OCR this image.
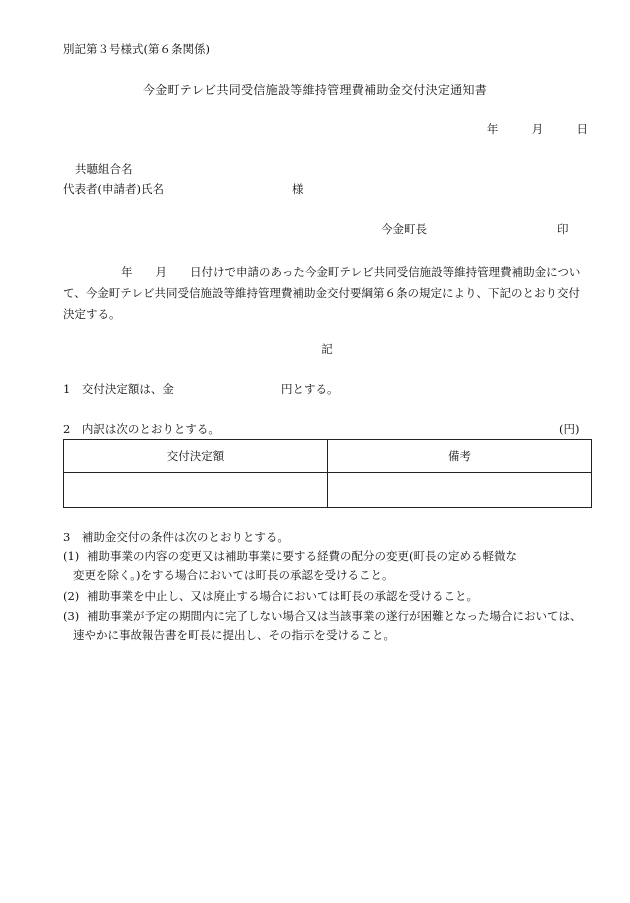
別記第３号様式(第６条関係)
今金町テレビ共同受信施設等維持管理費補助金交付決定通知書
年	月	日
共聴組合名
代表者(申請者)氏名	様
今金町長	印

年　　月　　日付けで申請のあった今金町テレビ共同受信施設等維持管理費補助金につい

て、今金町テレビ共同受信施設等維持管理費補助金交付要綱第６条の規定により、下記のとおり交付

決定する。

記
1　交付決定額は、金	円とする。
2　内訳は次のとおりとする。	(円)
交付決定額	備考

3　補助金交付の条件は次のとおりとする。
(1) 補助事業の内容の変更又は補助事業に要する経費の配分の変更(町長の定める軽微な
変更を除く。)をする場合においては町長の承認を受けること。
(2) 補助事業を中止し、又は廃止する場合においては町長の承認を受けること。
(3) 補助事業が予定の期間内に完了しない場合又は当該事業の遂行が困難となった場合においては、
速やかに事故報告書を町長に提出し、その指示を受けること。
